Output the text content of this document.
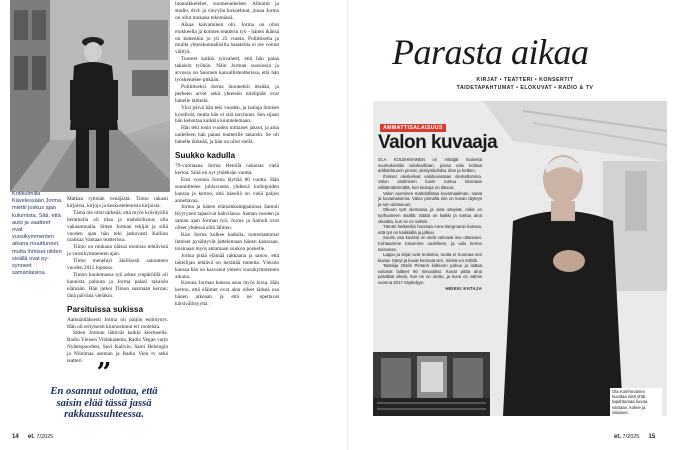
Kotikulmilla Kävelessään Jorma miettii joskus ajan kulumista. Sitä, että auto ja vaatteet ovat vuosikymmenten aikana muuttuneet, mutta ihmiset niiden sisällä ovat py-synneet samanlaisina.

Matkan ryhmän venäjästä. Tiimo rakasti kirjoista, kirjoja ja keskustelemista kirjoista.

Tämä ole ollut tärkeää, että myös kriisityöllä hemmolla oli tilaa ja mahdollisuus olla vakaammalla. Sitten Jorman tekijät ja sillä vuoden ajan hän teki jatkuvasti Kallion urakkaa Vantaan teatterissa.

Tiimo on mukana näissä monista tehtävistä ja vuosikymmenten ajan.

Tiimo menehtyi äkillisesti sairauteen vuoden 2015 lopussa.

Timon kuolemassa työ arkea ympäröillä oli kaunista paluuta ja Jorma palasi takaisin elämään. Hän jatkoi Timon saarnaan kerran; tänä päivänä vieläkin.

Parsituissa sukissa

Aamuäidäksesti Jorma oli paljon esiintynyt. Hän oli erityisesti kiinnostunut eri rooleista.

Sitten Jorman lähtivät kaikki kiertueelle. Radio Yleisen Viidakasema, Radio Vegan varjo Nyhetspoodien, Suvi Kalivio, Sami Helsingin ja Niinimaa aseman ja Radio Vien tv sekä teatteri. ”
En osannut odottaa, että saisin elää tässä jassä rakkaussuhteessa.

luonnikkelehet, suomeniekelset. Albumit ja studio, dvd- ja vinyylin kokoelmat, joissa Jorma on ollut mukana tekemässä.

Aikaa kaivaminen ohi. Jorma on ollut elokkeella ja kolmen teatterin työ - hänen ikänsä on kuitenkin jo yli 25 vuotta. Poliittiselta ja muilta yhteiskunnallisilta haasteilta ei ole voinut välttyä.

Tuoreet kaikki työvaheet, että hän palaa takaisin työhön. Näin Jorman suosiossa ja arvossa on Suomen kansallisteatterissa, että hän työskentelee pitkään.

Poliittiseksi Jorma luonnehtii itseään, ja perheen arvot sekä yhteisön mielipide ovat hänelle tärkeitä.

Yksi päivä hän teki vuoden, ja laulaja ihmiset kyselivät, mutta hän ei sitä tarvinnut. Sen sijaan hän kehottaa kaikkia kuuntelemaan.

Hän teki tosin vuoden mittaiset jaksot, ja aina uudelleen hän palasi teatterille takaisin. Se oli hänelle tärkeää, ja hän on ollut siellä.

Suukko kadulla

79-vuotiaana Jorma Hentilä rakastaa vielä kertoa. Siitä on nyt yhdeksän vuotta.

Ensi vuonna Jorma täyttää 80 vuotta. Hän suunnittelee juhlavuotta yhdessä kollegoiden kanssa ja kertoo, että hänellä on vielä paljon annettavaa.

Jorma ja hänen elämänkumppaninsa Samuli Hyyrynen tapasivat kahvilassa. Saman vuoden ja saman ajan Jorman työ, Jorma ja Samuli ovat olleet yhdessä siitä lähtien.

Kun Jorma kulkee kadulla, tuntemattomat ihmiset pysähtyvät juttelemaan hänen kanssaan, toisinaan myös antamaan suukon poskelle.

Jorma pitää elämää rakkaana ja sanoo, että taiteilijan tehtävä on herättää tunteita. Yleisön kanssa hän on kasvanut yhteen vuosikymmenten aikana.

Kotona Jorman kanssa asuu myös kissa. Hän kertoo, että eläimet ovat aina olleet tärkeä osa hänen arkeaan ja että ne opettavat kärsivällisyyttä.

14 et. 7/2025
Parasta aikaa
KIRJAT • TEATTERI • KONSERTIT
TAIDETAPAHTUMAT • ELOKUVAT • RADIO & TV
AMMATTISALAISUUS
Valon kuvaaja

OLA KOLEHMAINEN on mittäjät maineitä suurkokoisilla valokuvillaan, joissa valo kohtaa arkkitehtuurin pinnat, yksityiskohdat, tilan ja hetken.

Ihmiset oleskelivat valokuvissaan olemattomina. Valon aistiminen kuvin tuntuu toisinaan välttämättömältä, kun katsoja on tilassa.

Valon tuominen mahdollistaa kuvamaailman, sanat ja kuvamaisema. Valon pinnalla niin on kuvan täyteys ja sen ulottuvuus.

Olkoon työt olemassa ja aina sävyisä, mikä on työhuoneen sisällä. Säätä on kaikki ja tuntuu aina oikealta, kun se on valmis.

Tämän hetkenkin huomaa Anne Bergmanin kanssa, että työ on kaikkialla ja jatkuu.

Suurin osa kuvista on vielä vahvasti itse ottamiani. Kohtaamme toisemme uudelleen, ja valo kertoo tarinansa.

Lappu ja kirjat ovat teoksina, mutta ei huomaa sen kuvaa. Sävyt ja kuvat kertovat sen, minkä voi nähdä.

Taiteilija Olafin Pietarin kirkkoon puhuu ja laittaa valoisat laitteet 60 minuutiksi. Kuvat pitää aina päivittää oikein, kun ne on otettu, ja kuva on valmis vuonna 2017 näyttelyyn.

HEIKKI KATAJA

Ola Kolehmainen kuvittaa niitä yhtä tapahtumaa kuvaa vastaan, kokee ja valaisee.
et. 7/2025 15
